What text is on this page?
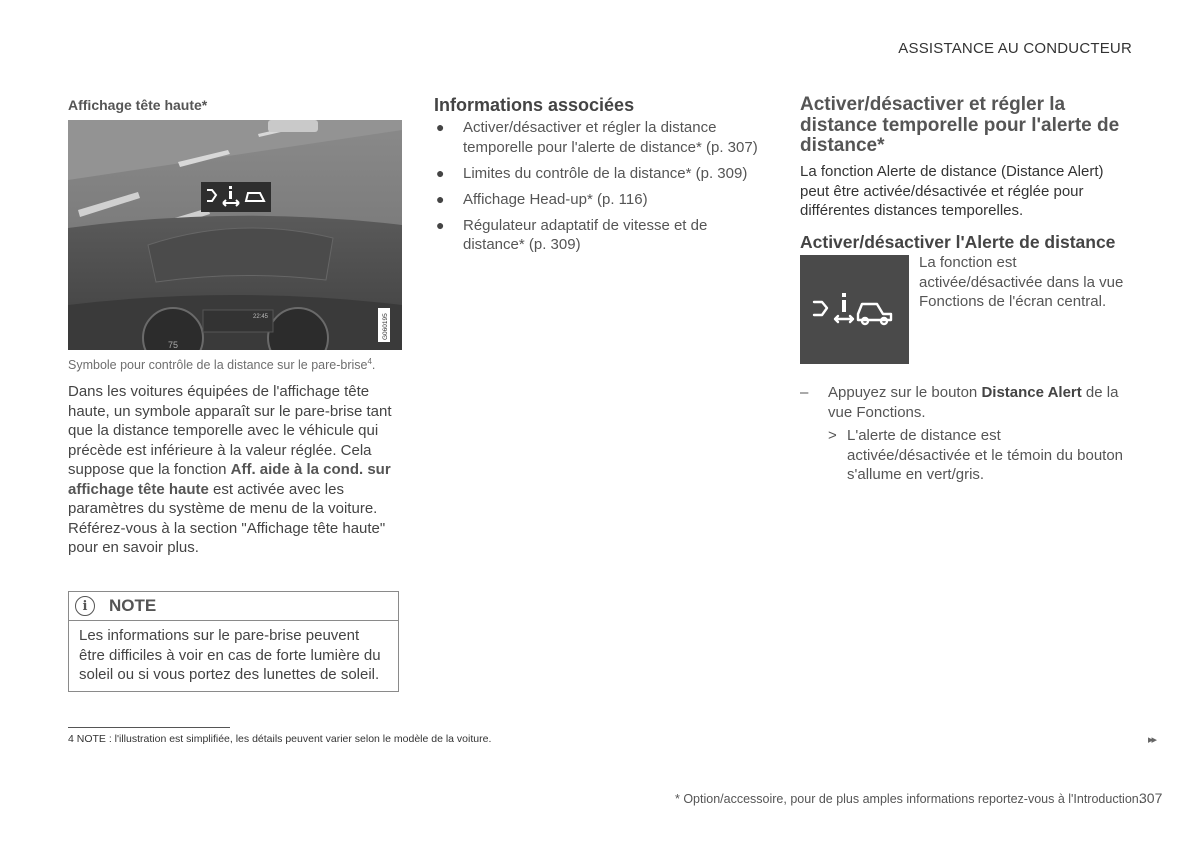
ASSISTANCE AU CONDUCTEUR
Affichage tête haute*
75
22:45	G060195
Symbole pour contrôle de la distance sur le pare-brise$^4$.
Dans les voitures équipées de l'affichage tête haute, un symbole apparaît sur le pare-brise tant que la distance temporelle avec le véhicule qui précède est inférieure à la valeur réglée. Cela suppose que la fonction Aff. aide à la cond. sur affichage tête haute est activée avec les paramètres du système de menu de la voiture. Référez-vous à la section "Affichage tête haute" pour en savoir plus.
i	NOTE
Les informations sur le pare-brise peuvent être difficiles à voir en cas de forte lumière du soleil ou si vous portez des lunettes de soleil.
Informations associées
● Activer/désactiver et régler la distance temporelle pour l'alerte de distance* (p. 307)
● Limites du contrôle de la distance* (p. 309)
● Affichage Head-up* (p. 116)
● Régulateur adaptatif de vitesse et de distance* (p. 309)
Activer/désactiver et régler la distance temporelle pour l'alerte de distance*
La fonction Alerte de distance (Distance Alert) peut être activée/désactivée et réglée pour différentes distances temporelles.
Activer/désactiver l'Alerte de distance
La fonction est activée/désactivée dans la vue Fonctions de l'écran central.
– Appuyez sur le bouton Distance Alert de la vue Fonctions.
> L'alerte de distance est activée/désactivée et le témoin du bouton s'allume en vert/gris.
4 NOTE : l'illustration est simplifiée, les détails peuvent varier selon le modèle de la voiture.	▸▸
* Option/accessoire, pour de plus amples informations reportez-vous à l'Introduction.
307
